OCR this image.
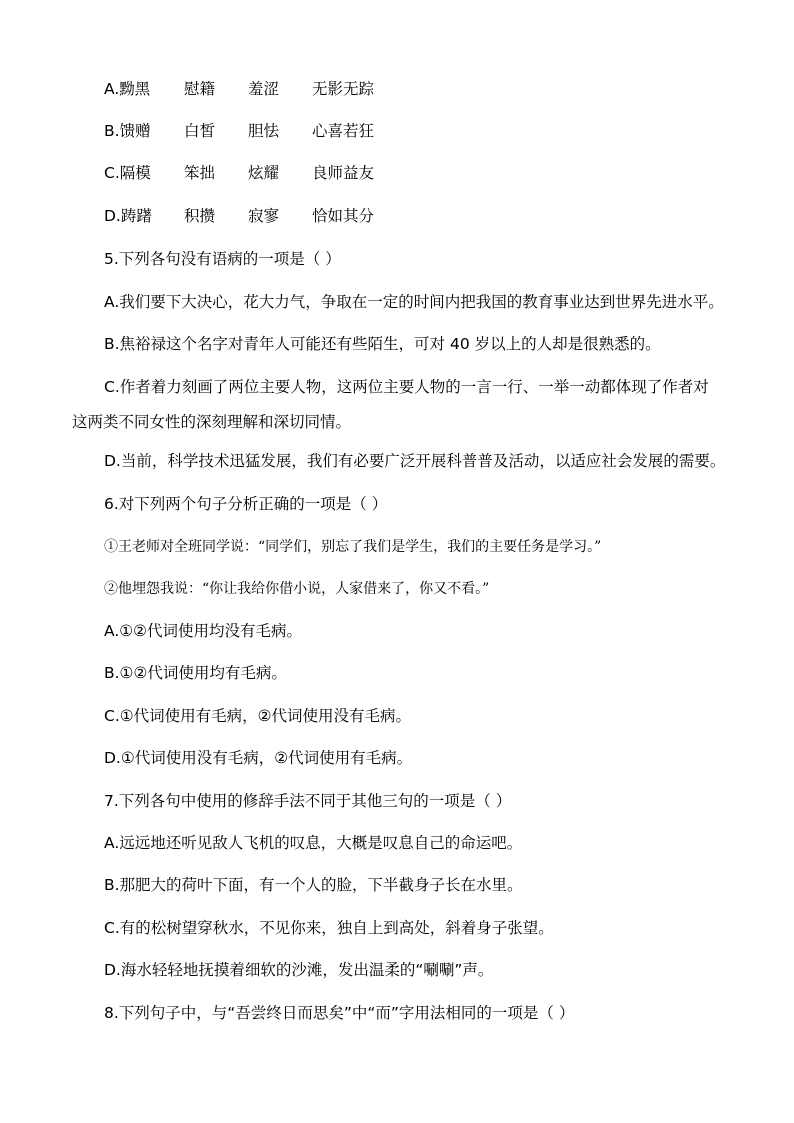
A.黝黑 慰籍 羞涩 无影无踪
B.馈赠 白皙 胆怯 心喜若狂
C.隔模 笨拙 炫耀 良师益友
D.踌躇 积攒 寂寥 恰如其分
5.下列各句没有语病的一项是（ ）
A.我们要下大决心，花大力气，争取在一定的时间内把我国的教育事业达到世界先进水平。
B.焦裕禄这个名字对青年人可能还有些陌生，可对 40 岁以上的人却是很熟悉的。
C.作者着力刻画了两位主要人物，这两位主要人物的一言一行、一举一动都体现了作者对
这两类不同女性的深刻理解和深切同情。
D.当前，科学技术迅猛发展，我们有必要广泛开展科普普及活动，以适应社会发展的需要。
6.对下列两个句子分析正确的一项是（ ）
①王老师对全班同学说：“同学们，别忘了我们是学生，我们的主要任务是学习。”
②他埋怨我说：“你让我给你借小说，人家借来了，你又不看。”
A.①②代词使用均没有毛病。
B.①②代词使用均有毛病。
C.①代词使用有毛病，②代词使用没有毛病。
D.①代词使用没有毛病，②代词使用有毛病。
7.下列各句中使用的修辞手法不同于其他三句的一项是（ ）
A.远远地还听见敌人飞机的叹息，大概是叹息自己的命运吧。
B.那肥大的荷叶下面，有一个人的脸，下半截身子长在水里。
C.有的松树望穿秋水，不见你来，独自上到高处，斜着身子张望。
D.海水轻轻地抚摸着细软的沙滩，发出温柔的“唰唰”声。
8.下列句子中，与“吾尝终日而思矣”中“而”字用法相同的一项是（ ）
